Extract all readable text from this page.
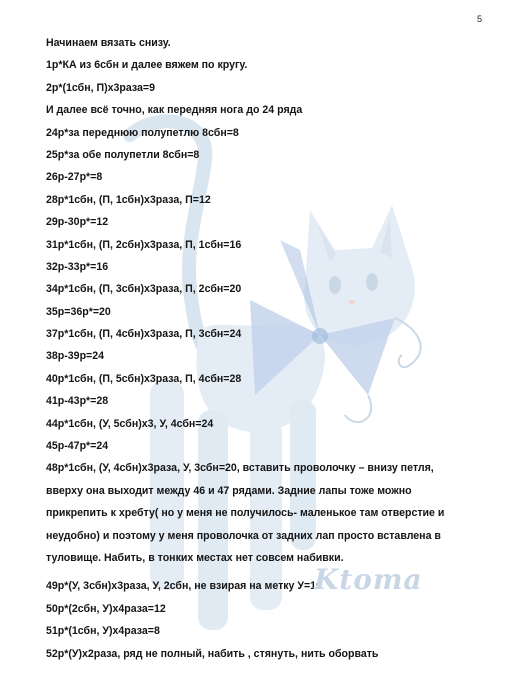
5
Начинаем вязать снизу.
1р*КА из 6сбн и далее вяжем по кругу.
2р*(1сбн, П)х3раза=9
И далее всё точно, как передняя нога до 24 ряда
24р*за переднюю полупетлю 8сбн=8
25р*за обе полупетли 8сбн=8
26р-27р*=8
28р*1сбн, (П, 1сбн)х3раза, П=12
29р-30р*=12
31р*1сбн, (П, 2сбн)х3раза, П, 1сбн=16
32р-33р*=16
34р*1сбн, (П, 3сбн)х3раза, П, 2сбн=20
35р=36р*=20
37р*1сбн, (П, 4сбн)х3раза, П, 3сбн=24
38р-39р=24
40р*1сбн, (П, 5сбн)х3раза, П, 4сбн=28
41р-43р*=28
44р*1сбн, (У, 5сбн)х3, У, 4сбн=24
45р-47р*=24
48р*1сбн, (У, 4сбн)х3раза, У, 3сбн=20, вставить проволочку – внизу петля,
вверху она выходит между 46 и 47 рядами. Задние лапы тоже можно
прикрепить к хребту( но у меня не получилось- маленькое там отверстие и
неудобно) и поэтому у меня проволочка от задних лап просто вставлена в
туловище. Набить, в тонких местах нет совсем набивки.
49р*(У, 3сбн)х3раза, У, 2сбн, не взирая на метку У=16
Ktoma
50р*(2сбн, У)х4раза=12
51р*(1сбн, У)х4раза=8
52р*(У)х2раза, ряд не полный, набить , стянуть, нить оборвать
